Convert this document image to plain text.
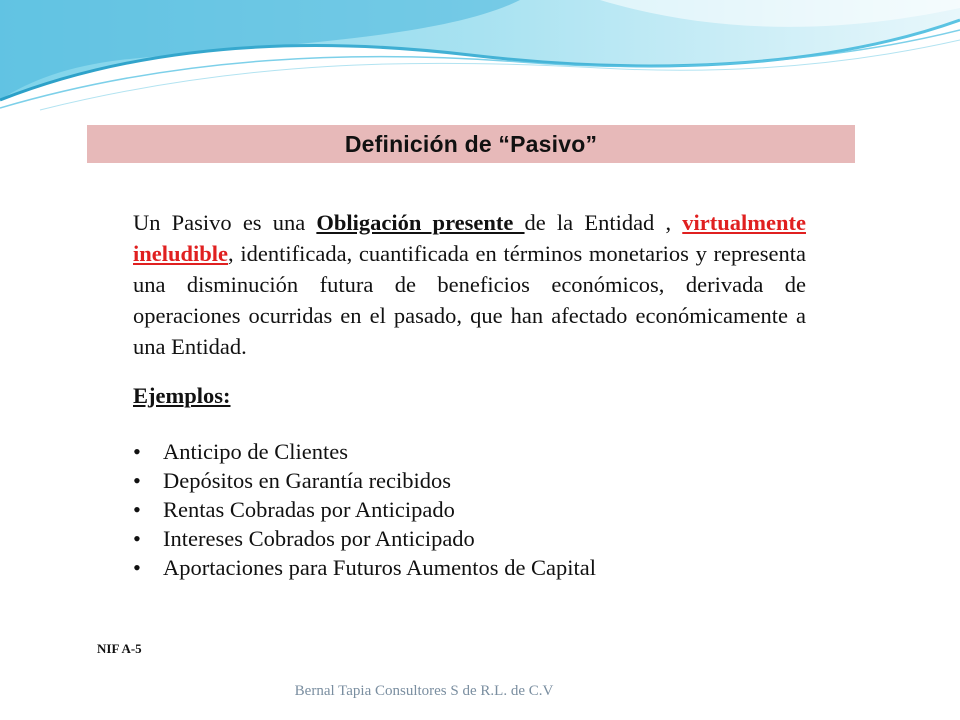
Definición de “Pasivo”

Un Pasivo es una Obligación presente de la Entidad , virtualmente ineludible, identificada, cuantificada en términos monetarios y representa una disminución futura de beneficios económicos, derivada de operaciones ocurridas en el pasado, que han afectado económicamente a una Entidad.

Ejemplos:
• Anticipo de Clientes
• Depósitos en Garantía recibidos
• Rentas Cobradas por Anticipado
• Intereses Cobrados por Anticipado
• Aportaciones para Futuros Aumentos de Capital
NIF A-5
Bernal Tapia Consultores S de R.L. de C.V
